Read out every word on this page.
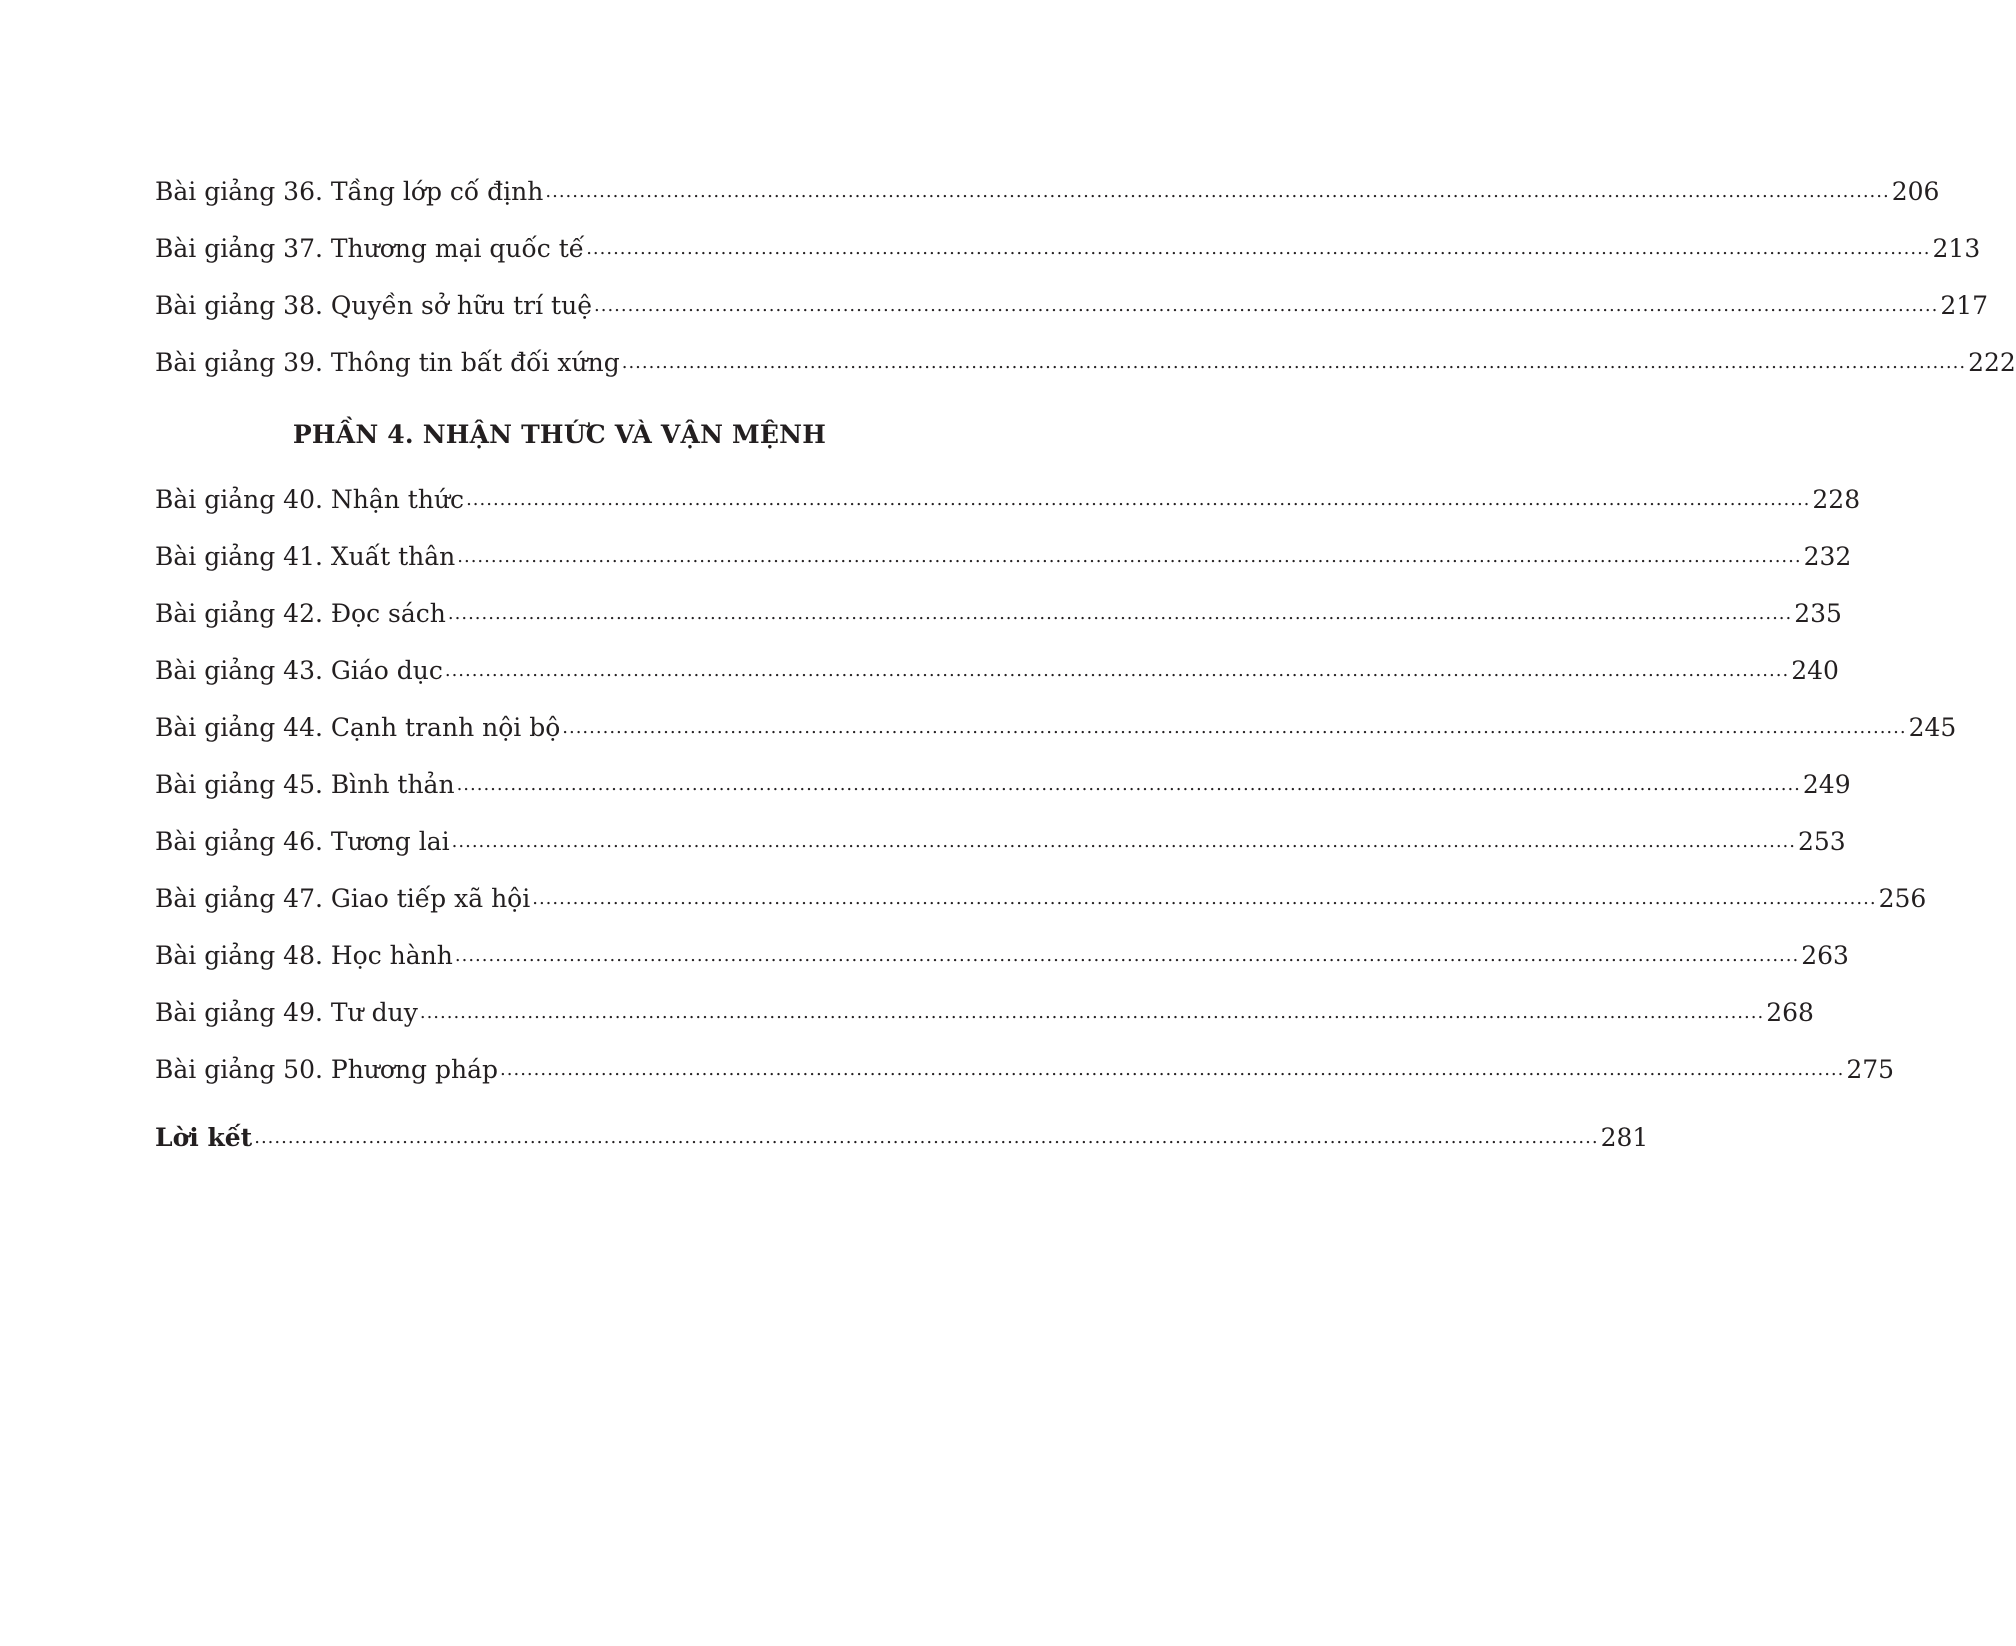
Bài giảng 36. Tầng lớp cố định ........................................................................................................................................................................................................ 206
Bài giảng 37. Thương mại quốc tế ........................................................................................................................................................................................................ 213
Bài giảng 38. Quyền sở hữu trí tuệ ........................................................................................................................................................................................................ 217
Bài giảng 39. Thông tin bất đối xứng ........................................................................................................................................................................................................ 222
PHẦN 4. NHẬN THỨC VÀ VẬN MỆNH
Bài giảng 40. Nhận thức ........................................................................................................................................................................................................ 228
Bài giảng 41. Xuất thân ........................................................................................................................................................................................................ 232
Bài giảng 42. Đọc sách ........................................................................................................................................................................................................ 235
Bài giảng 43. Giáo dục ........................................................................................................................................................................................................ 240
Bài giảng 44. Cạnh tranh nội bộ ........................................................................................................................................................................................................ 245
Bài giảng 45. Bình thản ........................................................................................................................................................................................................ 249
Bài giảng 46. Tương lai ........................................................................................................................................................................................................ 253
Bài giảng 47. Giao tiếp xã hội ........................................................................................................................................................................................................ 256
Bài giảng 48. Học hành ........................................................................................................................................................................................................ 263
Bài giảng 49. Tư duy ........................................................................................................................................................................................................ 268
Bài giảng 50. Phương pháp ........................................................................................................................................................................................................ 275
Lời kết ........................................................................................................................................................................................................ 281
